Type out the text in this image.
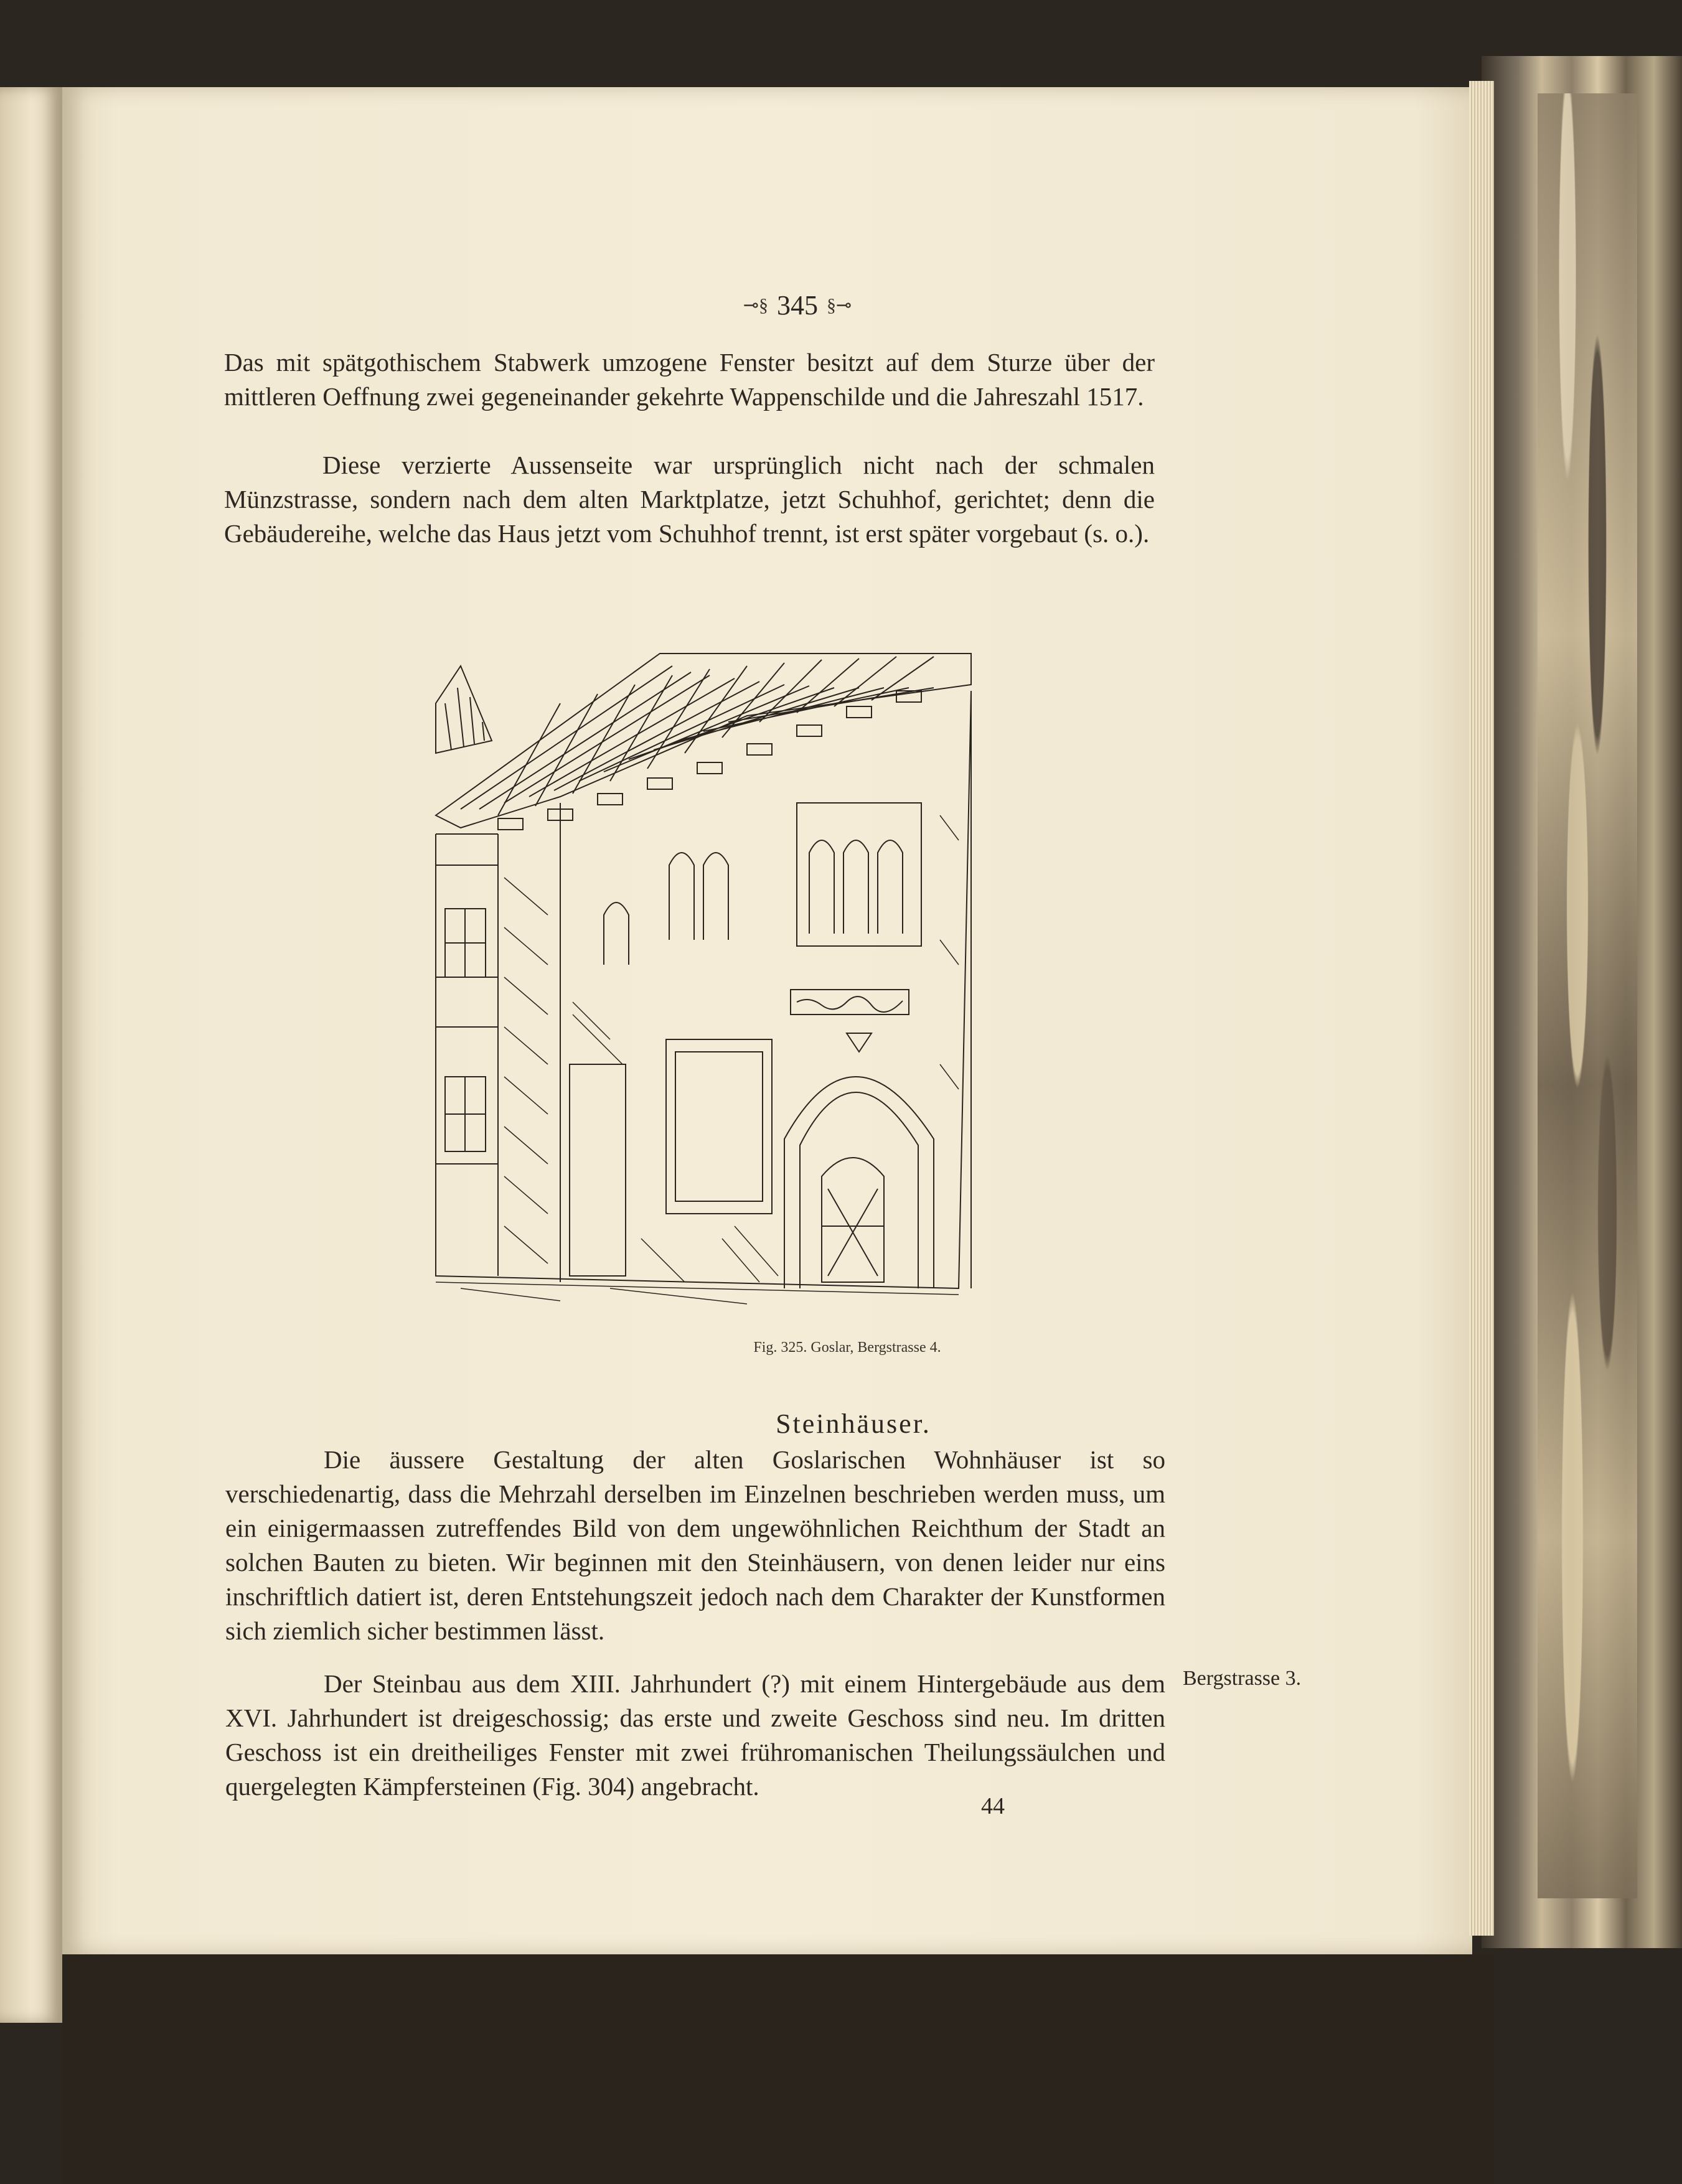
⊸§ 345 §⊸

Das mit spätgothischem Stabwerk umzogene Fenster besitzt auf dem Sturze über der mittleren Oeffnung zwei gegeneinander gekehrte Wappenschilde und die Jahreszahl 1517.

Diese verzierte Aussenseite war ursprünglich nicht nach der schmalen Münzstrasse, sondern nach dem alten Marktplatze, jetzt Schuhhof, gerichtet; denn die Gebäudereihe, welche das Haus jetzt vom Schuhhof trennt, ist erst später vorgebaut (s. o.).

Fig. 325. Goslar, Bergstrasse 4.
Steinhäuser.

Die äussere Gestaltung der alten Goslarischen Wohnhäuser ist so verschiedenartig, dass die Mehrzahl derselben im Einzelnen beschrieben werden muss, um ein einigermaassen zutreffendes Bild von dem ungewöhnlichen Reichthum der Stadt an solchen Bauten zu bieten. Wir beginnen mit den Steinhäusern, von denen leider nur eins inschriftlich datiert ist, deren Entstehungszeit jedoch nach dem Charakter der Kunstformen sich ziemlich sicher bestimmen lässt.

Der Steinbau aus dem XIII. Jahrhundert (?) mit einem Hintergebäude aus dem XVI. Jahrhundert ist dreigeschossig; das erste und zweite Geschoss sind neu. Im dritten Geschoss ist ein dreitheiliges Fenster mit zwei frühromanischen Theilungssäulchen und quergelegten Kämpfersteinen (Fig. 304) angebracht.

Bergstrasse 3.
44
